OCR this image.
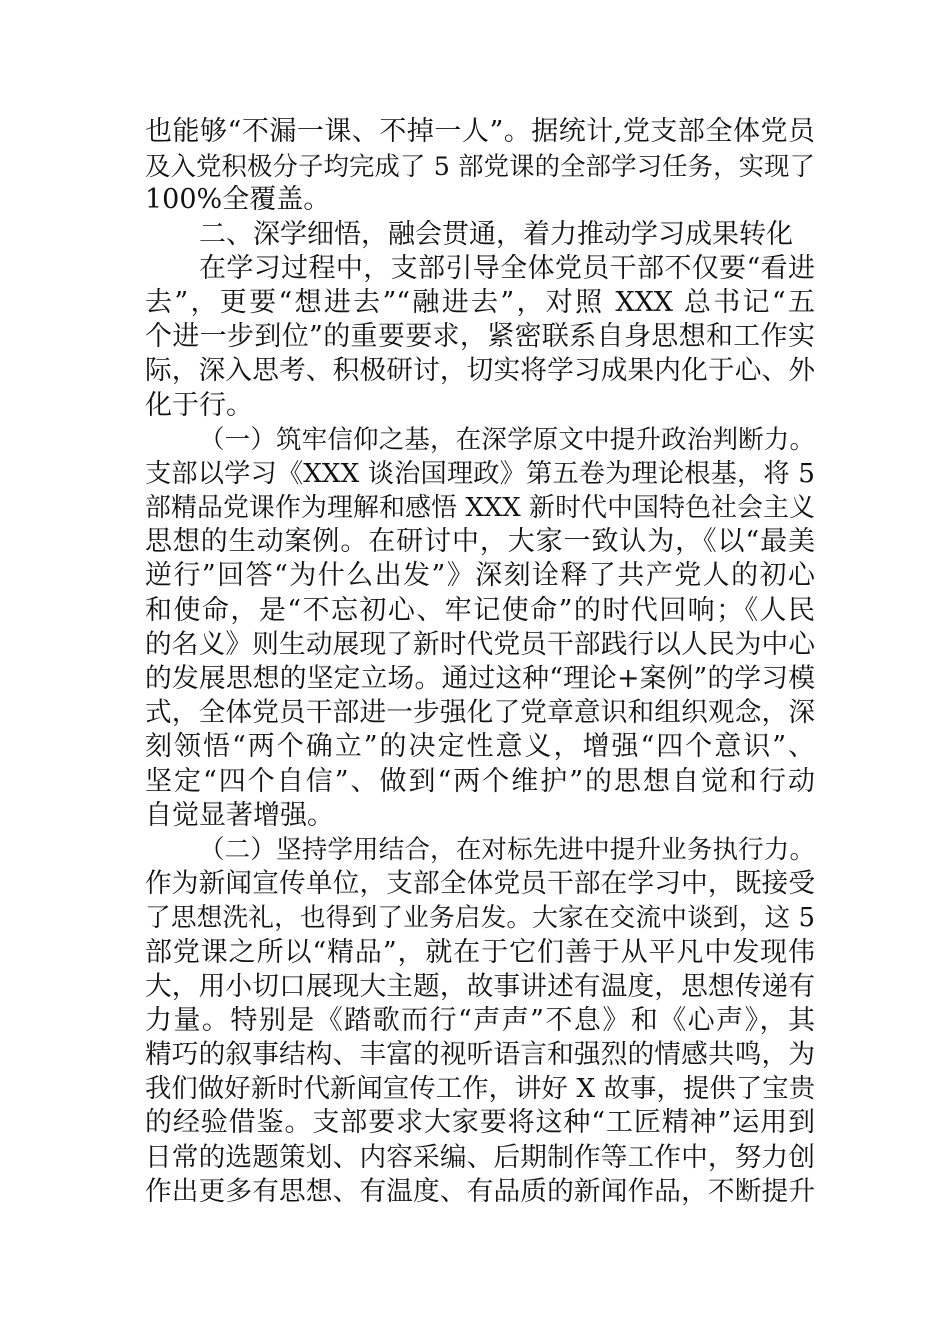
也能够“不漏一课、不掉一人”。据统计,党支部全体党员
及入党积极分子均完成了 5 部党课的全部学习任务，实现了
100%全覆盖。
二、深学细悟，融会贯通，着力推动学习成果转化
在学习过程中，支部引导全体党员干部不仅要“看进
去”，更要“想进去”“融进去”，对照 XXX 总书记“五
个进一步到位”的重要要求，紧密联系自身思想和工作实
际，深入思考、积极研讨，切实将学习成果内化于心、外
化于行。
（一）筑牢信仰之基，在深学原文中提升政治判断力。
支部以学习《XXX 谈治国理政》第五卷为理论根基，将 5
部精品党课作为理解和感悟 XXX 新时代中国特色社会主义
思想的生动案例。在研讨中，大家一致认为，《以“最美
逆行”回答“为什么出发”》深刻诠释了共产党人的初心
和使命，是“不忘初心、牢记使命”的时代回响；《人民
的名义》则生动展现了新时代党员干部践行以人民为中心
的发展思想的坚定立场。通过这种“理论+案例”的学习模
式，全体党员干部进一步强化了党章意识和组织观念，深
刻领悟“两个确立”的决定性意义，增强“四个意识”、
坚定“四个自信”、做到“两个维护”的思想自觉和行动
自觉显著增强。
（二）坚持学用结合，在对标先进中提升业务执行力。
作为新闻宣传单位，支部全体党员干部在学习中，既接受
了思想洗礼，也得到了业务启发。大家在交流中谈到，这 5
部党课之所以“精品”，就在于它们善于从平凡中发现伟
大，用小切口展现大主题，故事讲述有温度，思想传递有
力量。特别是《踏歌而行“声声”不息》和《心声》，其
精巧的叙事结构、丰富的视听语言和强烈的情感共鸣，为
我们做好新时代新闻宣传工作，讲好 X 故事，提供了宝贵
的经验借鉴。支部要求大家要将这种“工匠精神”运用到
日常的选题策划、内容采编、后期制作等工作中，努力创
作出更多有思想、有温度、有品质的新闻作品，不断提升
